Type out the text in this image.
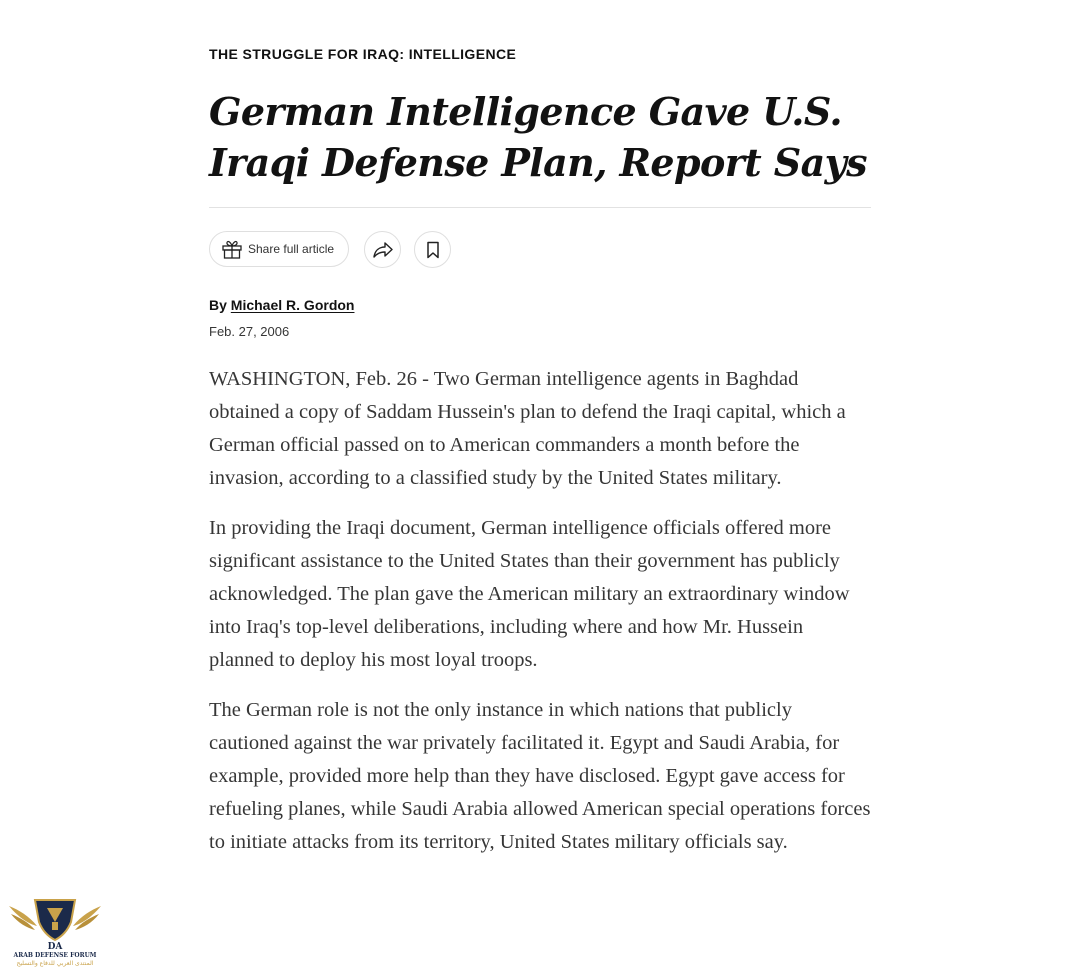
THE STRUGGLE FOR IRAQ: INTELLIGENCE
German Intelligence Gave U.S. Iraqi Defense Plan, Report Says
Share full article
By Michael R. Gordon
Feb. 27, 2006

WASHINGTON, Feb. 26 - Two German intelligence agents in Baghdad obtained a copy of Saddam Hussein's plan to defend the Iraqi capital, which a German official passed on to American commanders a month before the invasion, according to a classified study by the United States military.

In providing the Iraqi document, German intelligence officials offered more significant assistance to the United States than their government has publicly acknowledged. The plan gave the American military an extraordinary window into Iraq's top-level deliberations, including where and how Mr. Hussein planned to deploy his most loyal troops.

The German role is not the only instance in which nations that publicly cautioned against the war privately facilitated it. Egypt and Saudi Arabia, for example, provided more help than they have disclosed. Egypt gave access for refueling planes, while Saudi Arabia allowed American special operations forces to initiate attacks from its territory, United States military officials say.

DA
ARAB DEFENSE FORUM
المنتدى العربي للدفاع والتسليح
